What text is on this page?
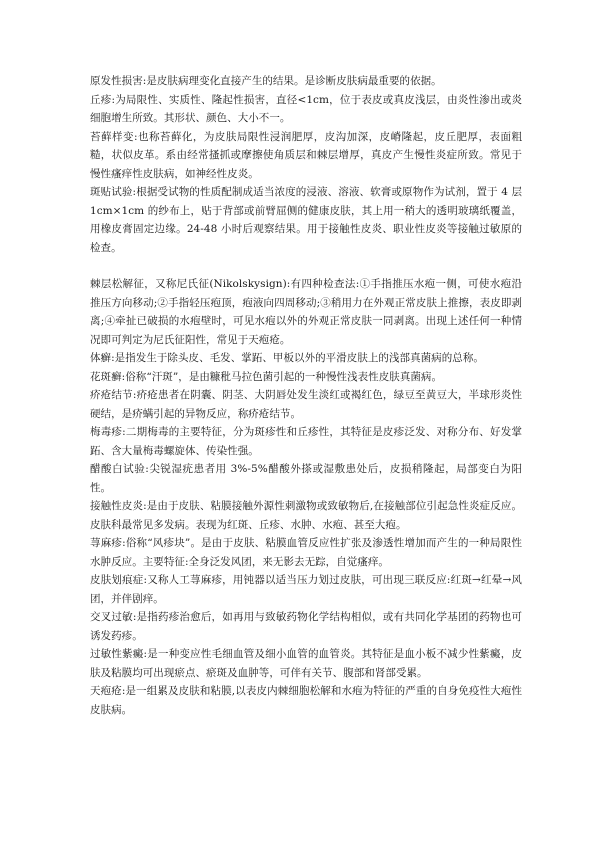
原发性损害:是皮肤病理变化直接产生的结果。是诊断皮肤病最重要的依据。

丘疹:为局限性、实质性、隆起性损害，直径<1cm，位于表皮或真皮浅层，由炎性渗出或炎细胞增生所致。其形状、颜色、大小不一。

苔藓样变:也称苔藓化，为皮肤局限性浸润肥厚，皮沟加深，皮嵴隆起，皮丘肥厚，表面粗糙，状似皮革。系由经常搔抓或摩擦使角质层和棘层增厚，真皮产生慢性炎症所致。常见于慢性瘙痒性皮肤病，如神经性皮炎。

斑贴试验:根据受试物的性质配制成适当浓度的浸液、溶液、软膏或原物作为试剂，置于 4 层 1cm×1cm 的纱布上，贴于背部或前臂屈侧的健康皮肤，其上用一稍大的透明玻璃纸覆盖，用橡皮膏固定边缘。24-48 小时后观察结果。用于接触性皮炎、职业性皮炎等接触过敏原的检查。

棘层松解征，又称尼氏征(Nikolskysign):有四种检查法:①手指推压水疱一侧，可使水疱沿推压方向移动;②手指轻压疱顶，疱液向四周移动;③稍用力在外观正常皮肤上推擦，表皮即剥离;④牵扯已破损的水疱壁时，可见水疱以外的外观正常皮肤一同剥离。出现上述任何一种情况即可判定为尼氏征阳性，常见于天疱疮。

体癣:是指发生于除头皮、毛发、掌跖、甲板以外的平滑皮肤上的浅部真菌病的总称。

花斑癣:俗称“汗斑”，是由糠秕马拉色菌引起的一种慢性浅表性皮肤真菌病。

疥疮结节:疥疮患者在阴囊、阴茎、大阴唇处发生淡红或褐红色，绿豆至黄豆大，半球形炎性硬结，是疥螨引起的异物反应，称疥疮结节。

梅毒疹:二期梅毒的主要特征，分为斑疹性和丘疹性，其特征是皮疹泛发、对称分布、好发掌跖、含大量梅毒螺旋体、传染性强。

醋酸白试验:尖锐湿疣患者用 3%-5%醋酸外搽或湿敷患处后，皮损稍隆起，局部变白为阳性。

接触性皮炎:是由于皮肤、粘膜接触外源性刺激物或致敏物后,在接触部位引起急性炎症反应。皮肤科最常见多发病。表现为红斑、丘疹、水肿、水疱、甚至大疱。

荨麻疹:俗称“风疹块”。是由于皮肤、粘膜血管反应性扩张及渗透性增加而产生的一种局限性水肿反应。主要特征:全身泛发风团，来无影去无踪，自觉瘙痒。

皮肤划痕症:又称人工荨麻疹，用钝器以适当压力划过皮肤，可出现三联反应:红斑→红晕→风团，并伴剧痒。

交叉过敏:是指药疹治愈后，如再用与致敏药物化学结构相似，或有共同化学基团的药物也可诱发药疹。

过敏性紫癜:是一种变应性毛细血管及细小血管的血管炎。其特征是血小板不减少性紫癜，皮肤及粘膜均可出现瘀点、瘀斑及血肿等，可伴有关节、腹部和肾部受累。

天疱疮:是一组累及皮肤和粘膜,以表皮内棘细胞松解和水疱为特征的严重的自身免疫性大疱性皮肤病。
